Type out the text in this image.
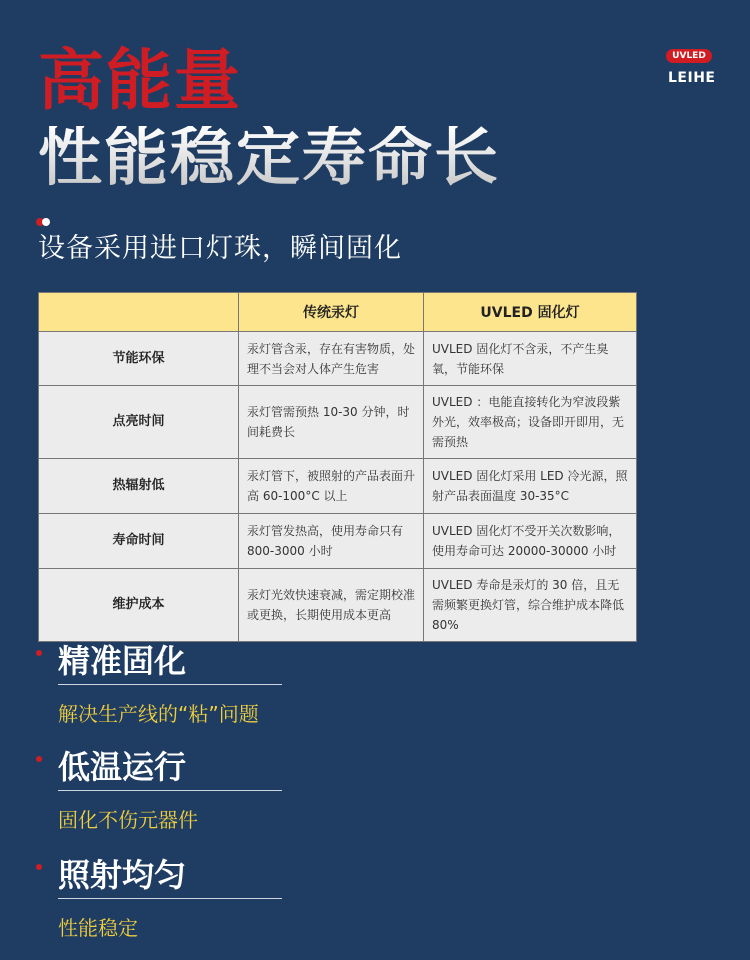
高能量
性能稳定寿命长
UVLED
LEIHE
设备采用进口灯珠，瞬间固化
	传统汞灯	UVLED 固化灯
节能环保	汞灯管含汞，存在有害物质，处理不当会对人体产生危害	UVLED 固化灯不含汞，不产生臭氧，节能环保
点亮时间	汞灯管需预热 10-30 分钟，时间耗费长	UVLED ：电能直接转化为窄波段紫外光，效率极高；设备即开即用，无需预热
热辐射低	汞灯管下，被照射的产品表面升高 60-100°C 以上	UVLED 固化灯采用 LED 冷光源，照射产品表面温度 30-35°C
寿命时间	汞灯管发热高，使用寿命只有 800-3000 小时	UVLED 固化灯不受开关次数影响，使用寿命可达 20000-30000 小时
维护成本	汞灯光效快速衰减，需定期校准或更换，长期使用成本更高	UVLED 寿命是汞灯的 30 倍，且无需频繁更换灯管，综合维护成本降低 80%
精准固化
解决生产线的“粘”问题
低温运行
固化不伤元器件
照射均匀
性能稳定
